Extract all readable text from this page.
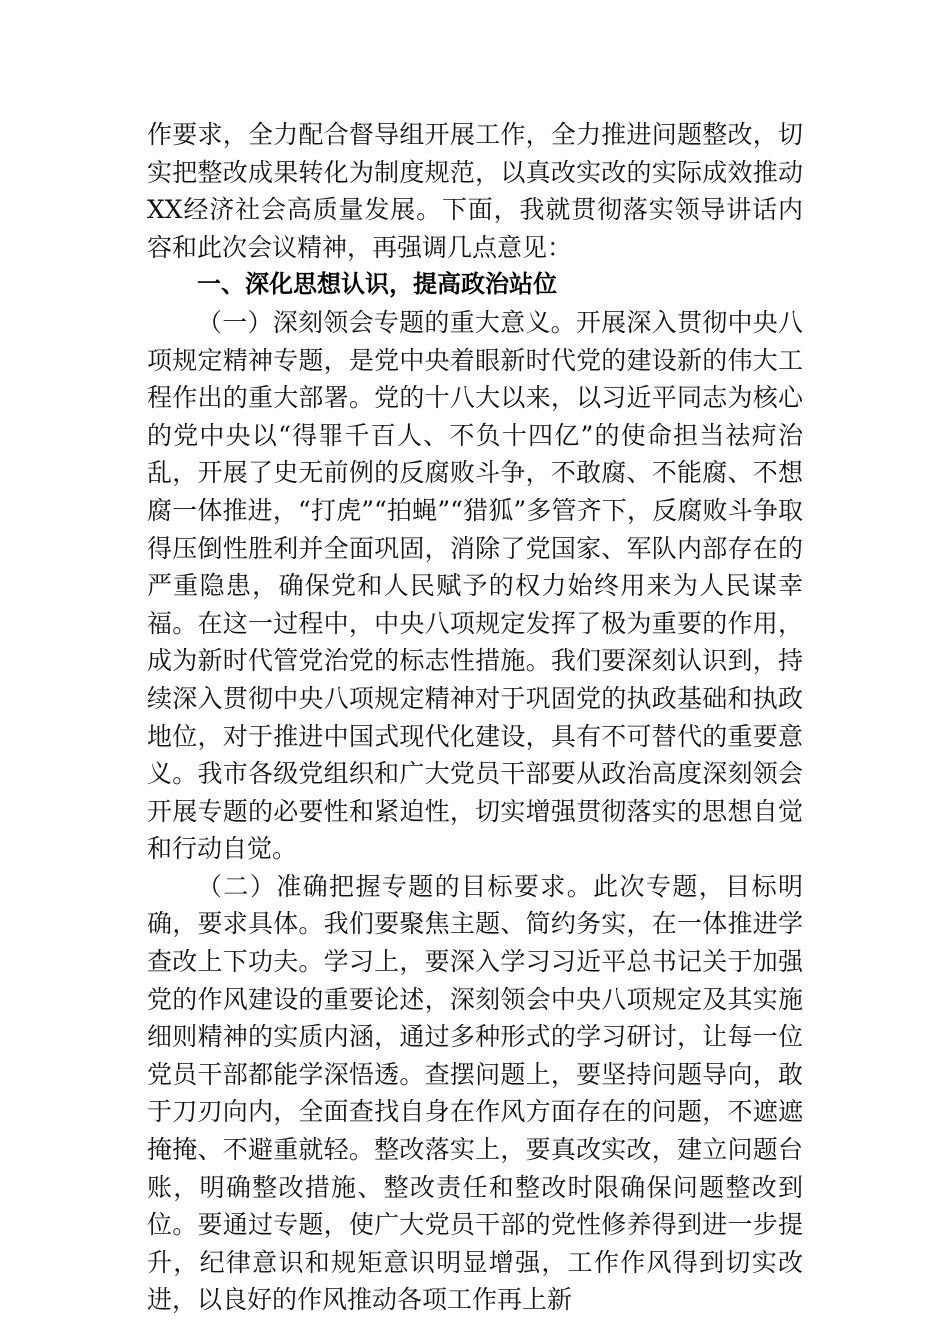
作要求，全力配合督导组开展工作，全力推进问题整改，切实把整改成果转化为制度规范，以真改实改的实际成效推动XX经济社会高质量发展。下面，我就贯彻落实领导讲话内容和此次会议精神，再强调几点意见：

一、深化思想认识，提高政治站位

（一）深刻领会专题的重大意义。开展深入贯彻中央八项规定精神专题，是党中央着眼新时代党的建设新的伟大工程作出的重大部署。党的十八大以来，以习近平同志为核心的党中央以“得罪千百人、不负十四亿”的使命担当祛疴治乱，开展了史无前例的反腐败斗争，不敢腐、不能腐、不想腐一体推进，“打虎”“拍蝇”“猎狐”多管齐下，反腐败斗争取得压倒性胜利并全面巩固，消除了党国家、军队内部存在的严重隐患，确保党和人民赋予的权力始终用来为人民谋幸福。在这一过程中，中央八项规定发挥了极为重要的作用，成为新时代管党治党的标志性措施。我们要深刻认识到，持续深入贯彻中央八项规定精神对于巩固党的执政基础和执政地位，对于推进中国式现代化建设，具有不可替代的重要意义。我市各级党组织和广大党员干部要从政治高度深刻领会开展专题的必要性和紧迫性，切实增强贯彻落实的思想自觉和行动自觉。

（二）准确把握专题的目标要求。此次专题，目标明确，要求具体。我们要聚焦主题、简约务实，在一体推进学查改上下功夫。学习上，要深入学习习近平总书记关于加强党的作风建设的重要论述，深刻领会中央八项规定及其实施细则精神的实质内涵，通过多种形式的学习研讨，让每一位党员干部都能学深悟透。查摆问题上，要坚持问题导向，敢于刀刃向内，全面查找自身在作风方面存在的问题，不遮遮掩掩、不避重就轻。整改落实上，要真改实改，建立问题台账，明确整改措施、整改责任和整改时限确保问题整改到位。要通过专题，使广大党员干部的党性修养得到进一步提升，纪律意识和规矩意识明显增强，工作作风得到切实改进，以良好的作风推动各项工作再上新
